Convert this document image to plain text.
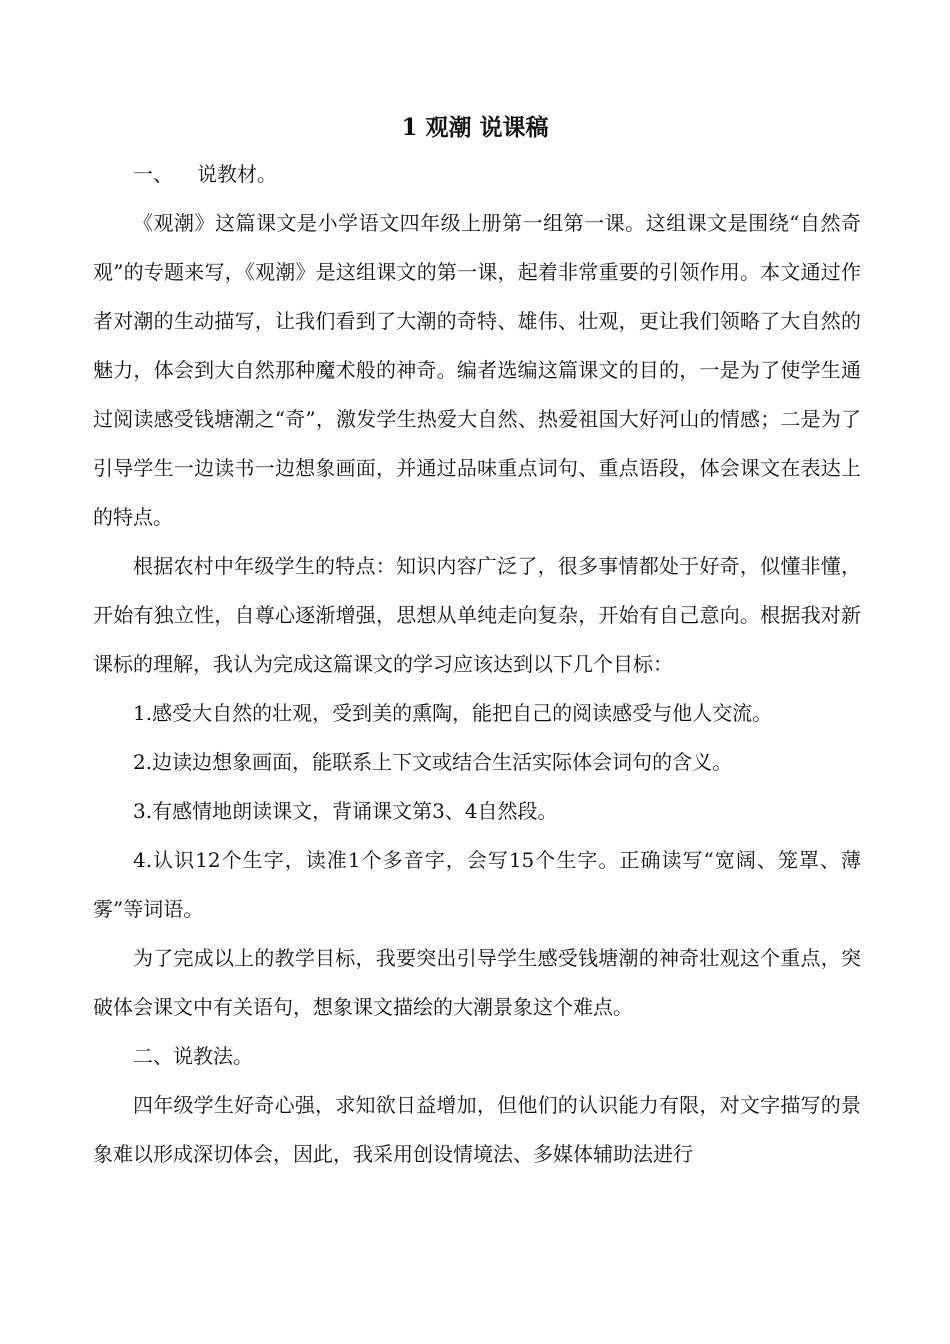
1 观潮 说课稿

一、 说教材。

《观潮》这篇课文是小学语文四年级上册第一组第一课。这组课文是围绕“自然奇观”的专题来写，《观潮》是这组课文的第一课，起着非常重要的引领作用。本文通过作者对潮的生动描写，让我们看到了大潮的奇特、雄伟、壮观，更让我们领略了大自然的魅力，体会到大自然那种魔术般的神奇。编者选编这篇课文的目的，一是为了使学生通过阅读感受钱塘潮之“奇”，激发学生热爱大自然、热爱祖国大好河山的情感；二是为了引导学生一边读书一边想象画面，并通过品味重点词句、重点语段，体会课文在表达上的特点。

根据农村中年级学生的特点：知识内容广泛了，很多事情都处于好奇，似懂非懂，开始有独立性，自尊心逐渐增强，思想从单纯走向复杂，开始有自己意向。根据我对新课标的理解，我认为完成这篇课文的学习应该达到以下几个目标：

1.感受大自然的壮观，受到美的熏陶，能把自己的阅读感受与他人交流。

2.边读边想象画面，能联系上下文或结合生活实际体会词句的含义。

3.有感情地朗读课文，背诵课文第3、4自然段。

4.认识12个生字，读准1个多音字，会写15个生字。正确读写“宽阔、笼罩、薄雾”等词语。

为了完成以上的教学目标，我要突出引导学生感受钱塘潮的神奇壮观这个重点，突破体会课文中有关语句，想象课文描绘的大潮景象这个难点。

二、说教法。

四年级学生好奇心强，求知欲日益增加，但他们的认识能力有限，对文字描写的景象难以形成深切体会，因此，我采用创设情境法、多媒体辅助法进行
